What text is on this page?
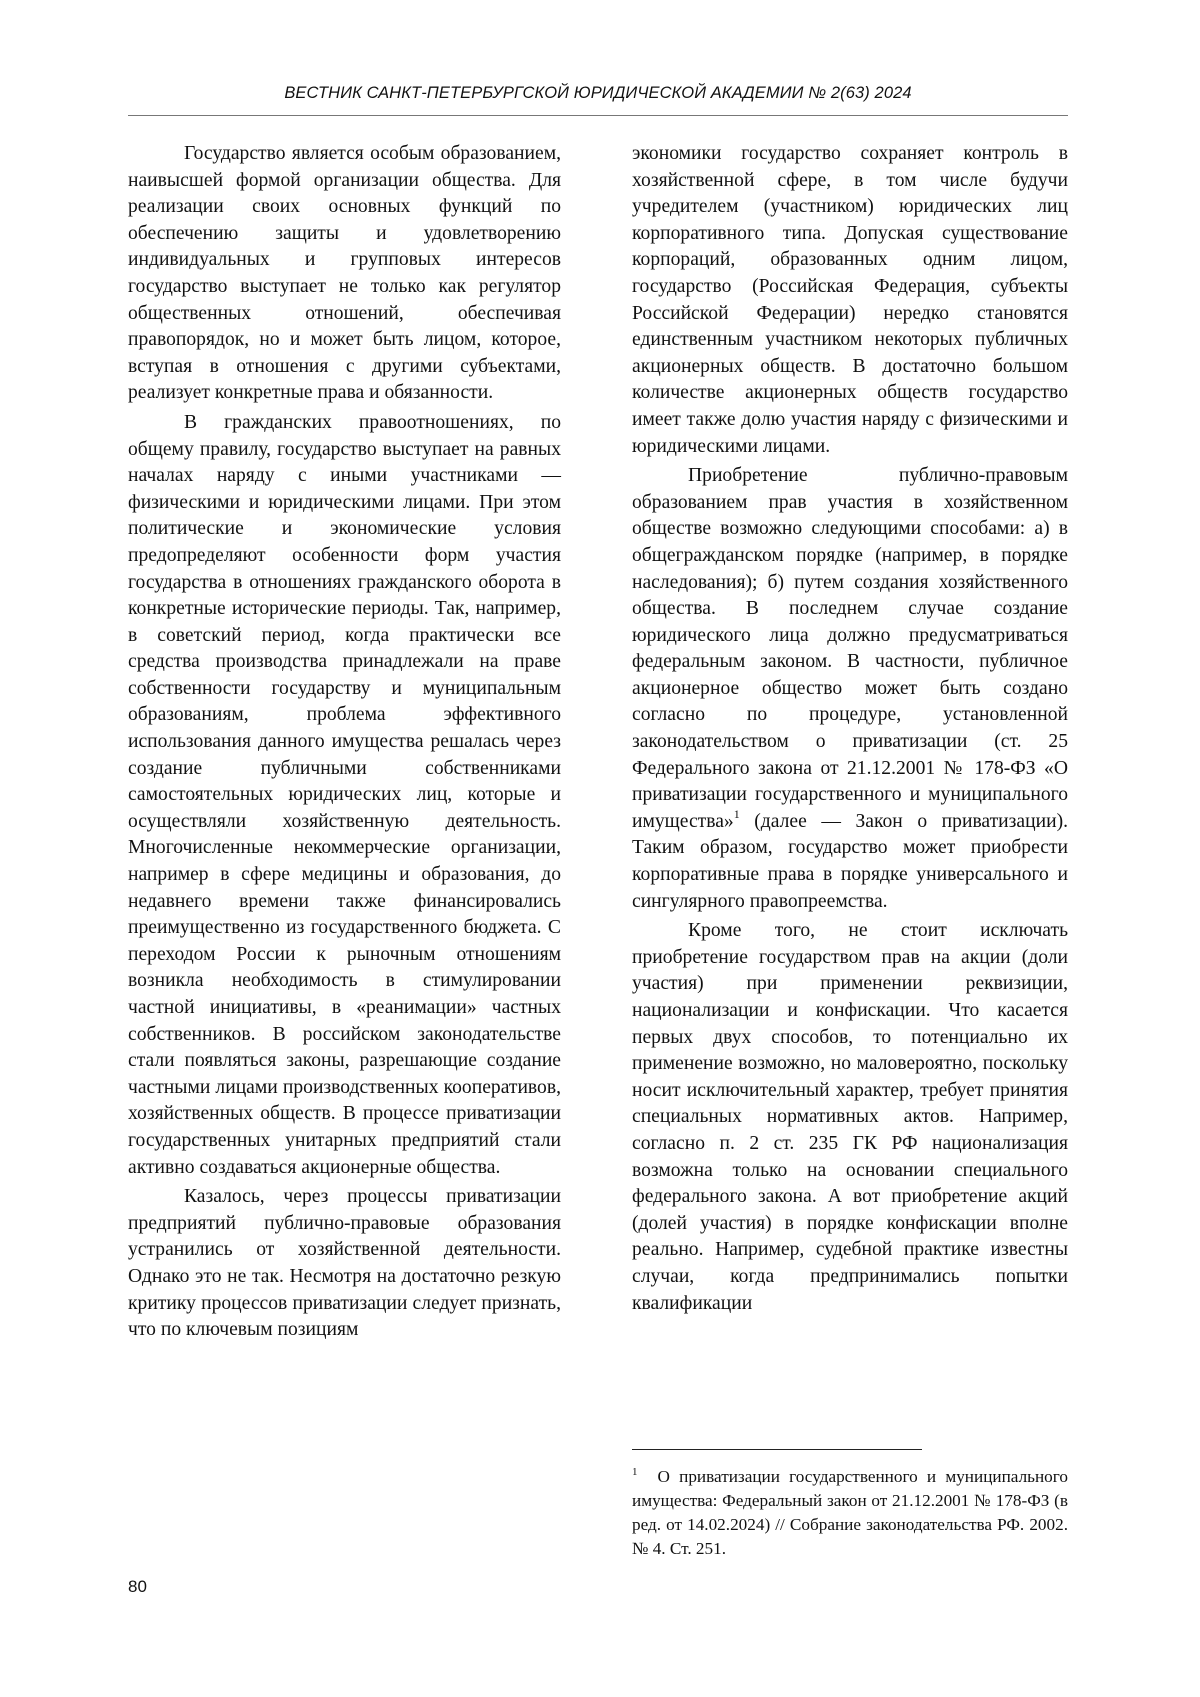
ВЕСТНИК САНКТ-ПЕТЕРБУРГСКОЙ ЮРИДИЧЕСКОЙ АКАДЕМИИ № 2(63) 2024

Государство является особым образованием, наивысшей формой организации общества. Для реализации своих основных функций по обеспечению защиты и удовлетворению индивидуальных и групповых интересов государство выступает не только как регулятор общественных отношений, обеспечивая правопорядок, но и может быть лицом, которое, вступая в отношения с другими субъектами, реализует конкретные права и обязанности.

В гражданских правоотношениях, по общему правилу, государство выступает на равных началах наряду с иными участниками — физическими и юридическими лицами. При этом политические и экономические условия предопределяют особенности форм участия государства в отношениях гражданского оборота в конкретные исторические периоды. Так, например, в советский период, когда практически все средства производства принадлежали на праве собственности государству и муниципальным образованиям, проблема эффективного использования данного имущества решалась через создание публичными собственниками самостоятельных юридических лиц, которые и осуществляли хозяйственную деятельность. Многочисленные некоммерческие организации, например в сфере медицины и образования, до недавнего времени также финансировались преимущественно из государственного бюджета. С переходом России к рыночным отношениям возникла необходимость в стимулировании частной инициативы, в «реанимации» частных собственников. В российском законодательстве стали появляться законы, разрешающие создание частными лицами производственных кооперативов, хозяйственных обществ. В процессе приватизации государственных унитарных предприятий стали активно создаваться акционерные общества.

Казалось, через процессы приватизации предприятий публично-правовые образования устранились от хозяйственной деятельности. Однако это не так. Несмотря на достаточно резкую критику процессов приватизации следует признать, что по ключевым позициям

экономики государство сохраняет контроль в хозяйственной сфере, в том числе будучи учредителем (участником) юридических лиц корпоративного типа. Допуская существование корпораций, образованных одним лицом, государство (Российская Федерация, субъекты Российской Федерации) нередко становятся единственным участником некоторых публичных акционерных обществ. В достаточно большом количестве акционерных обществ государство имеет также долю участия наряду с физическими и юридическими лицами.

Приобретение публично-правовым образованием прав участия в хозяйственном обществе возможно следующими способами: а) в общегражданском порядке (например, в порядке наследования); б) путем создания хозяйственного общества. В последнем случае создание юридического лица должно предусматриваться федеральным законом. В частности, публичное акционерное общество может быть создано согласно по процедуре, установленной законодательством о приватизации (ст. 25 Федерального закона от 21.12.2001 № 178-ФЗ «О приватизации государственного и муниципального имущества»$^1$ (далее — Закон о приватизации). Таким образом, государство может приобрести корпоративные права в порядке универсального и сингулярного правопреемства.

Кроме того, не стоит исключать приобретение государством прав на акции (доли участия) при применении реквизиции, национализации и конфискации. Что касается первых двух способов, то потенциально их применение возможно, но маловероятно, поскольку носит исключительный характер, требует принятия специальных нормативных актов. Например, согласно п. 2 ст. 235 ГК РФ национализация возможна только на основании специального федерального закона. А вот приобретение акций (долей участия) в порядке конфискации вполне реально. Например, судебной практике известны случаи, когда предпринимались попытки квалификации

$^1$ О приватизации государственного и муниципального имущества: Федеральный закон от 21.12.2001 № 178-ФЗ (в ред. от 14.02.2024) // Собрание законодательства РФ. 2002. № 4. Ст. 251.
80
